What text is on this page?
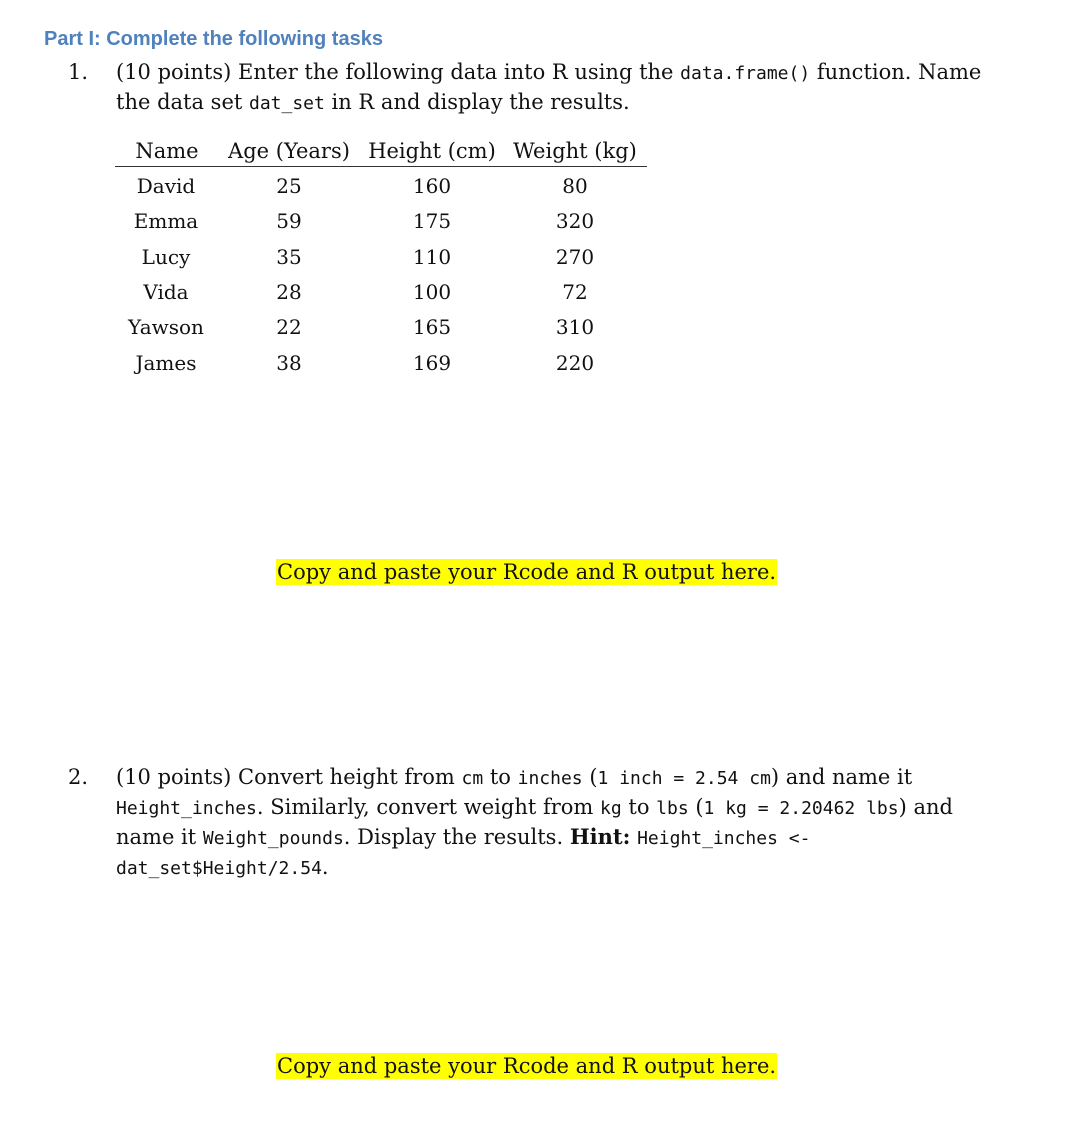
Part I: Complete the following tasks
1. (10 points) Enter the following data into R using the data.frame() function. Name
the data set dat_set in R and display the results.
Name	Age (Years) Height (cm) Weight (kg)
David	25	160	80
Emma	59	175	320
Lucy	35	110	270
Vida	28	100	72
Yawson	22	165	310
James	38	169	220
Copy and paste your Rcode and R output here.
2. (10 points) Convert height from cm to inches (1 inch = 2.54 cm) and name it
Height_inches. Similarly, convert weight from kg to lbs (1 kg = 2.20462 lbs) and
name it Weight_pounds. Display the results. Hint: Height_inches <-
dat_set$Height/2.54.
Copy and paste your Rcode and R output here.
